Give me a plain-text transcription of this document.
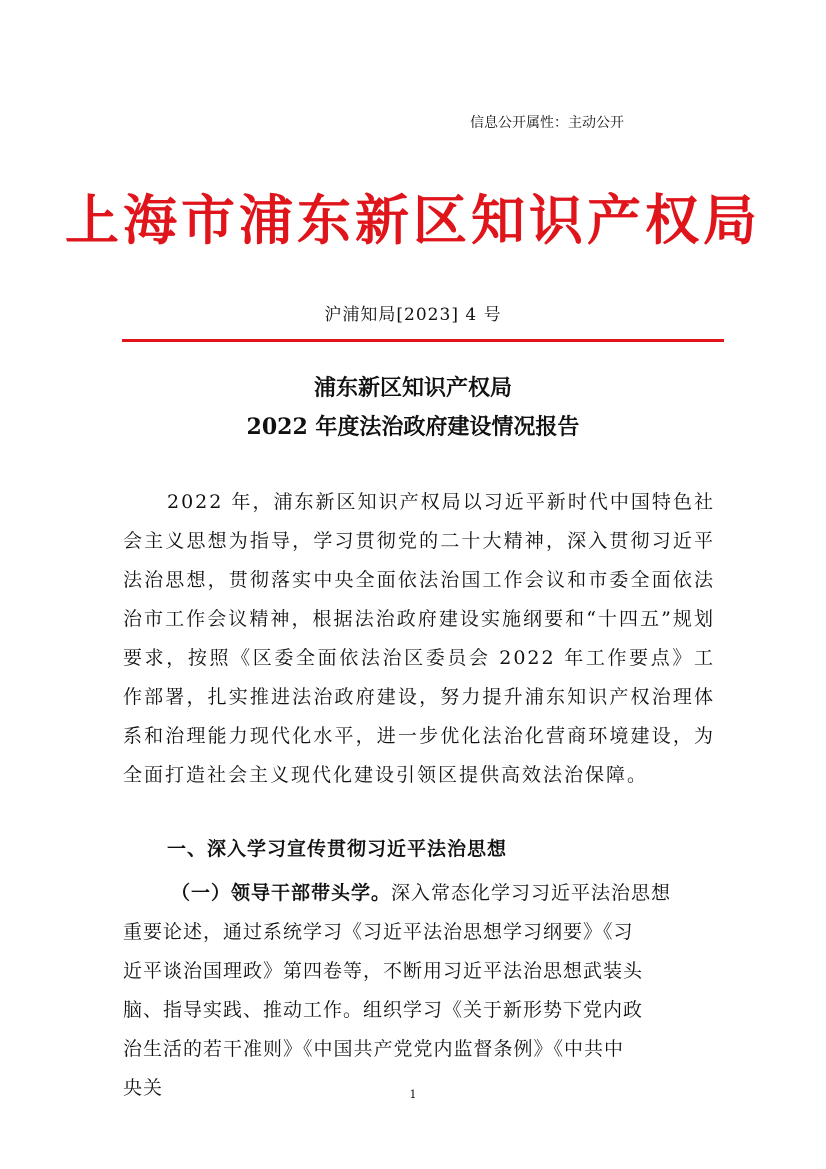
信息公开属性：主动公开
上海市浦东新区知识产权局
沪浦知局[2023] 4 号
浦东新区知识产权局
2022 年度法治政府建设情况报告

2022 年，浦东新区知识产权局以习近平新时代中国特色社会主义思想为指导，学习贯彻党的二十大精神，深入贯彻习近平法治思想，贯彻落实中央全面依法治国工作会议和市委全面依法治市工作会议精神，根据法治政府建设实施纲要和“十四五”规划要求，按照《区委全面依法治区委员会 2022 年工作要点》工作部署，扎实推进法治政府建设，努力提升浦东知识产权治理体系和治理能力现代化水平，进一步优化法治化营商环境建设，为全面打造社会主义现代化建设引领区提供高效法治保障。

一、深入学习宣传贯彻习近平法治思想
（一）领导干部带头学。深入常态化学习习近平法治思想
重要论述，通过系统学习《习近平法治思想学习纲要》《习
近平谈治国理政》第四卷等，不断用习近平法治思想武装头
脑、指导实践、推动工作。组织学习《关于新形势下党内政
治生活的若干准则》《中国共产党党内监督条例》《中共中
央关	1
